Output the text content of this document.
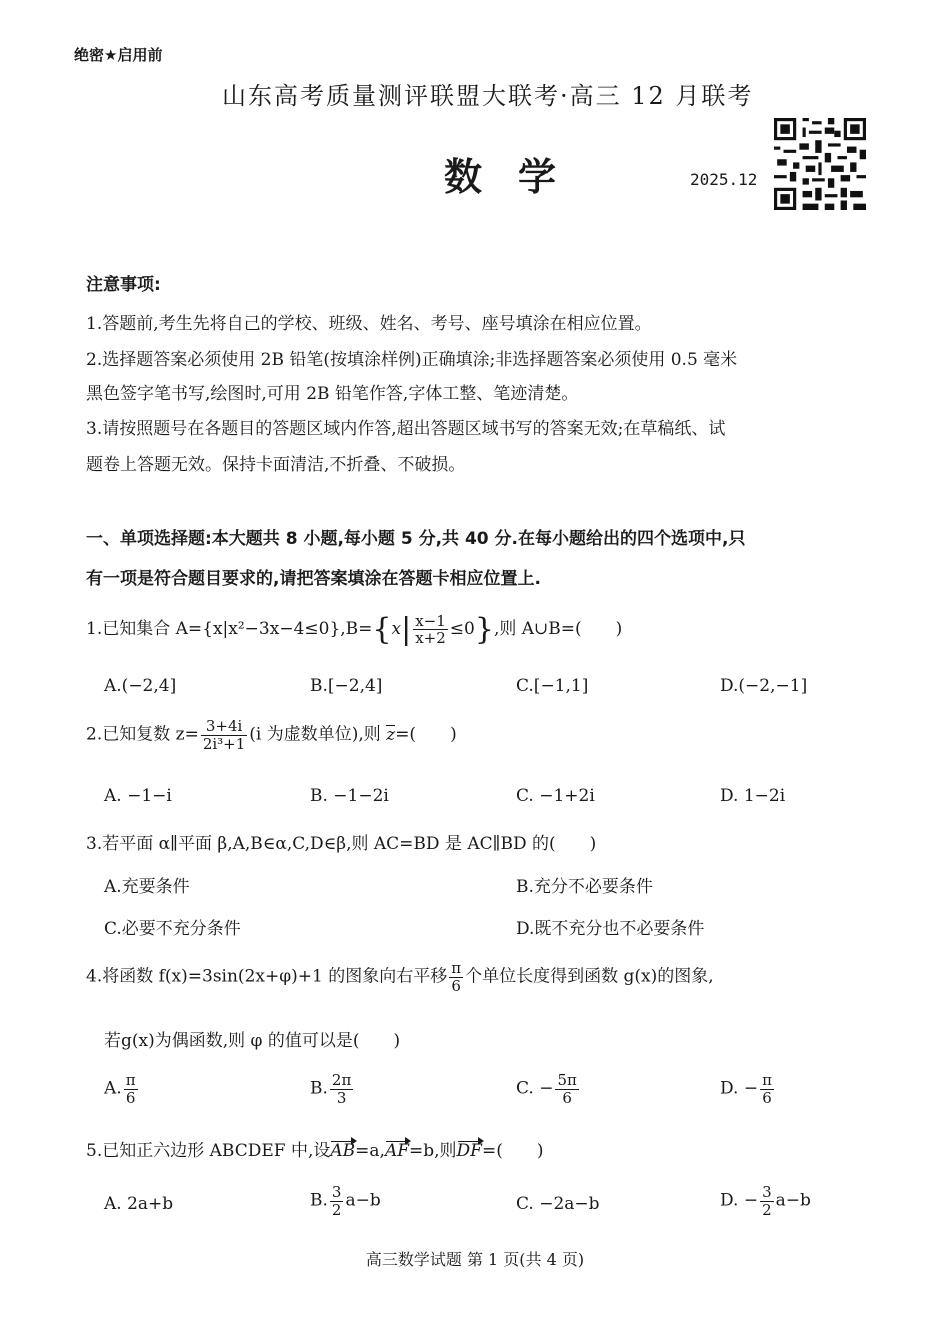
绝密★启用前
山东高考质量测评联盟大联考·高三 12 月联考
数学	2025.12
注意事项:
1.答题前,考生先将自己的学校、班级、姓名、考号、座号填涂在相应位置。
2.选择题答案必须使用 2B 铅笔(按填涂样例)正确填涂;非选择题答案必须使用 0.5 毫米
黑色签字笔书写,绘图时,可用 2B 铅笔作答,字体工整、笔迹清楚。
3.请按照题号在各题目的答题区域内作答,超出答题区域书写的答案无效;在草稿纸、试
题卷上答题无效。保持卡面清洁,不折叠、不破损。
一、单项选择题:本大题共 8 小题,每小题 5 分,共 40 分.在每小题给出的四个选项中,只
有一项是符合题目要求的,请把答案填涂在答题卡相应位置上.
1.已知集合 $A=\{x|x^2-3x-4\le 0\},B=\{x| \frac{x-1}{x+2} \le 0\}$,则 A∪B=(　　)
A.(−2,4]	B.[−2,4]	C.[−1,1]	D.(−2,−1]
2.已知复数 $z= \frac{3+4i}{\text{2i³+1}} (i$ 为虚数单位),则 z=(　　)
A. −1−i	B. −1−2i	C. −1+2i	D. 1−2i
3.若平面 α∥平面 β,A,B∈α,C,D∈β,则 AC=BD 是 AC∥BD 的(　　)
A.充要条件	B.充分不必要条件
C.必要不充分条件	D.既不充分也不必要条件
4.将函数 f(x)=3sin(2x+φ)+1 的图象向右平移 $\frac{\pi}{6}$ 个单位长度得到函数 g(x)的图象,
若g(x)为偶函数,则 φ 的值可以是(　　)
A. $\frac{\pi}{6}$	B. $\frac{2\pi}{3}$	C. − $\frac{5\pi}{6}$	D. − $\frac{\pi}{6}$
5.已知正六边形 ABCDEF 中,设AB=a,AF=b,则DF=(　　)
A. 2a+b	B. $\frac{3}{2} a-b$	C. −2a−b	D. − $\frac{3}{2} a-b$
高三数学试题 第 1 页(共 4 页)
